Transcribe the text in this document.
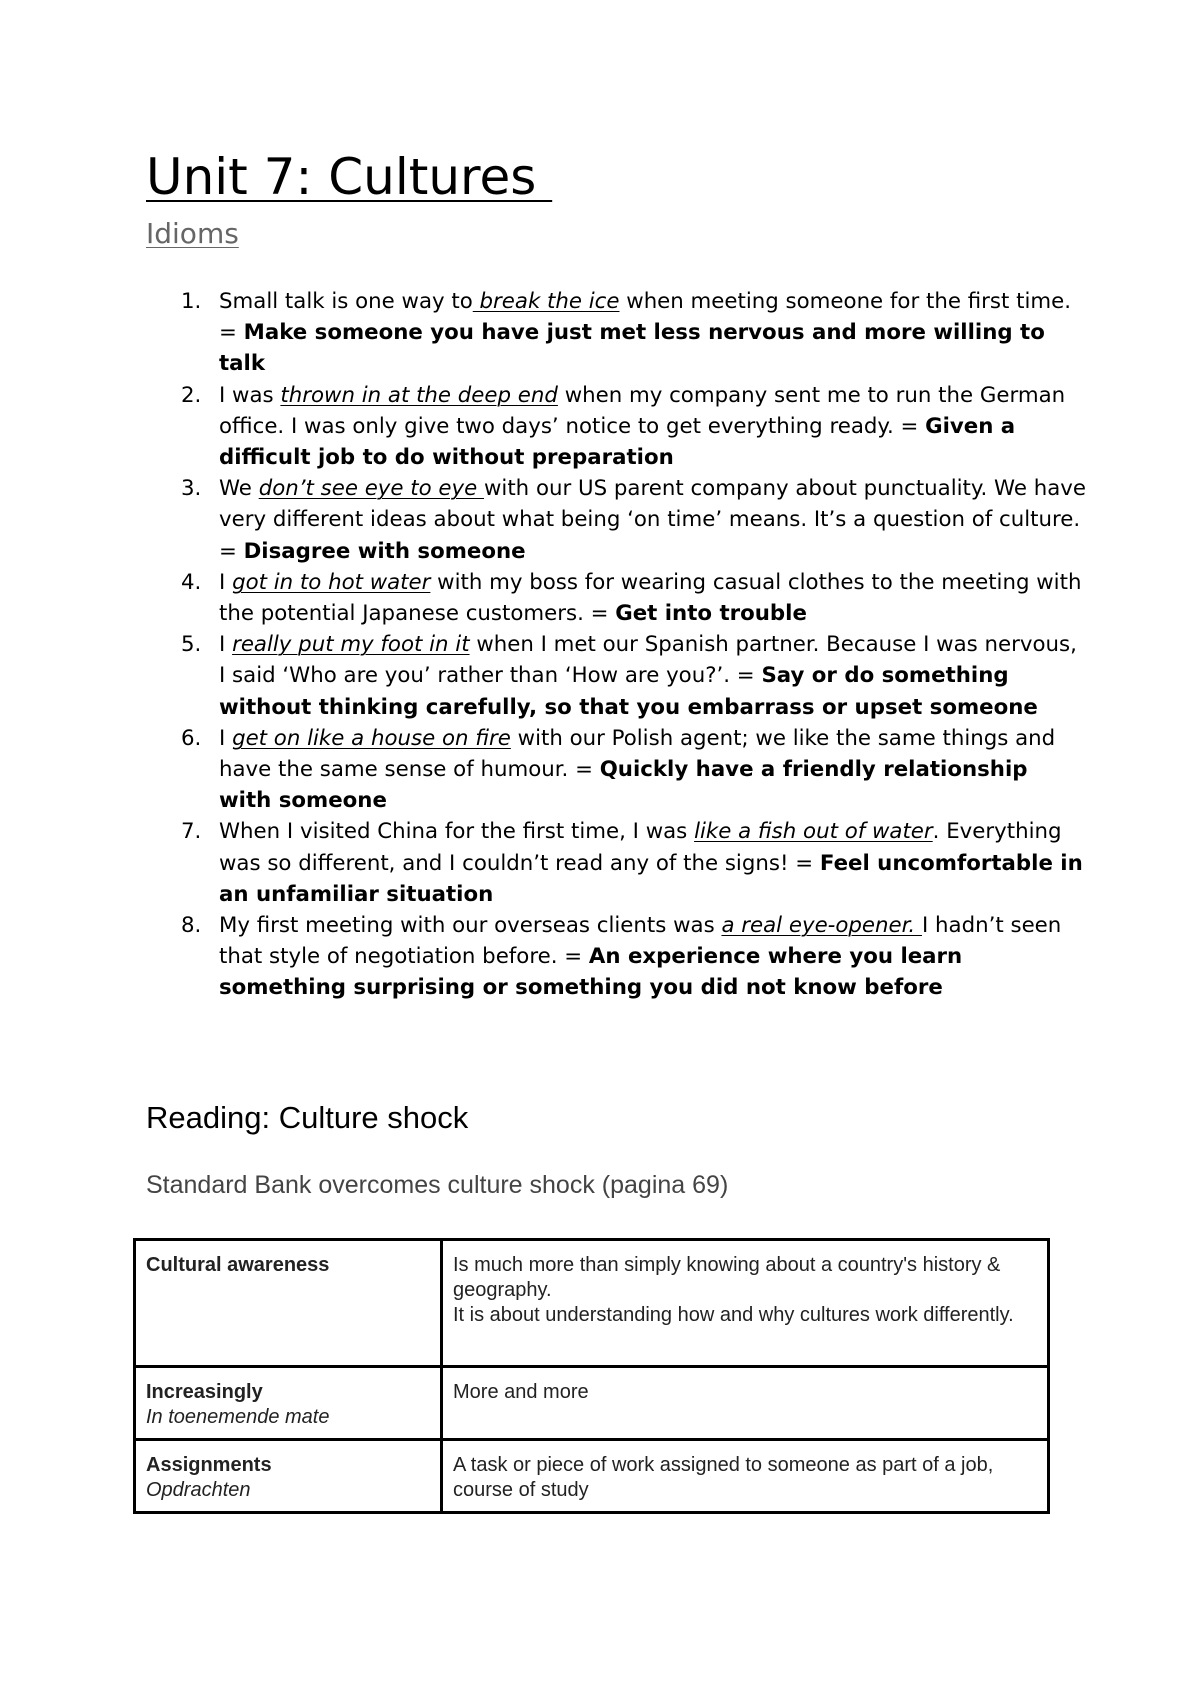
Unit 7: Cultures
Idioms
1. Small talk is one way to break the ice when meeting someone for the first time. = Make someone you have just met less nervous and more willing to talk
2. I was thrown in at the deep end when my company sent me to run the German office. I was only give two days’ notice to get everything ready. = Given a difficult job to do without preparation
3. We don’t see eye to eye with our US parent company about punctuality. We have very different ideas about what being ‘on time’ means. It’s a question of culture. = Disagree with someone
4. I got in to hot water with my boss for wearing casual clothes to the meeting with the potential Japanese customers. = Get into trouble
5. I really put my foot in it when I met our Spanish partner. Because I was nervous, I said ‘Who are you’ rather than ‘How are you?’. = Say or do something without thinking carefully, so that you embarrass or upset someone
6. I get on like a house on fire with our Polish agent; we like the same things and have the same sense of humour. = Quickly have a friendly relationship with someone
7. When I visited China for the first time, I was like a fish out of water. Everything was so different, and I couldn’t read any of the signs! = Feel uncomfortable in an unfamiliar situation
8. My first meeting with our overseas clients was a real eye-opener. I hadn’t seen that style of negotiation before. = An experience where you learn something surprising or something you did not know before
Reading: Culture shock
Standard Bank overcomes culture shock (pagina 69)
Cultural awareness	Is much more than simply knowing about a country's history & geography.
It is about understanding how and why cultures work differently.

Increasingly
In toenemende mate	More and more

Assignments
Opdrachten	A task or piece of work assigned to someone as part of a job, course of study
